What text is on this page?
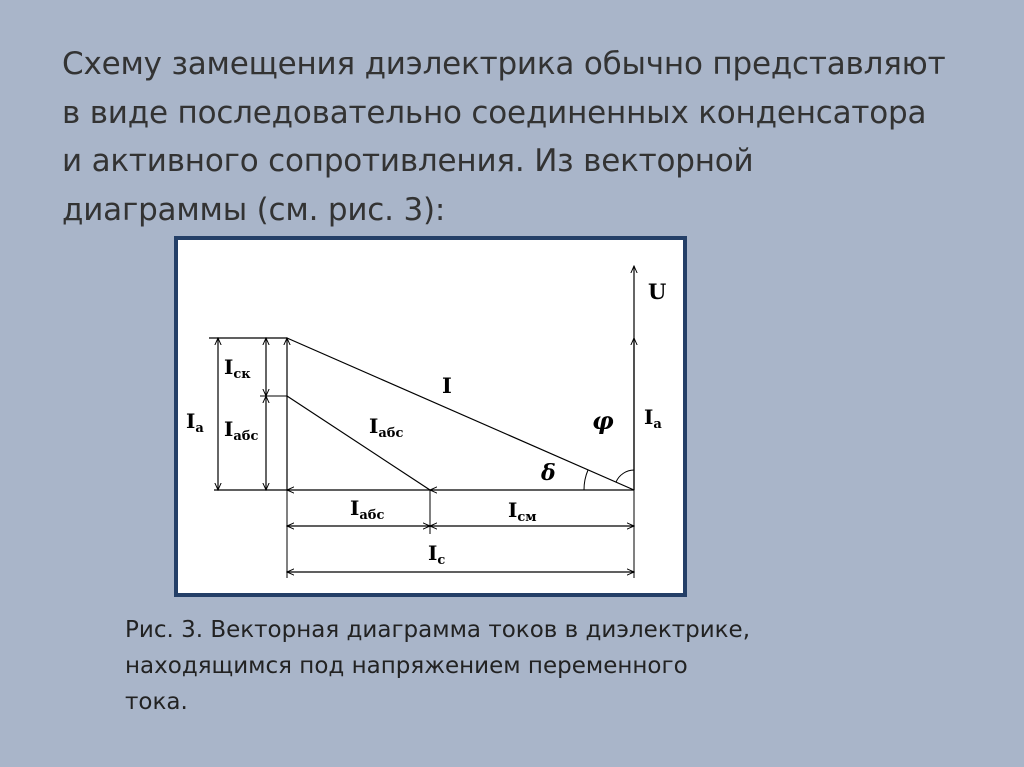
Схему замещения диэлектрика обычно представляют
в виде последовательно соединенных конденсатора
и активного сопротивления. Из векторной
диаграммы (см. рис. 3):
U
I
φ
δ
$I_a$
$I_a$
$I_{ск}$
$I_{абс}$	$I_{абс}$
$I_{абс}$	$I_{см}$
$I_с$
Рис. 3. Векторная диаграмма токов в диэлектрике,
находящимся под напряжением переменного
тока.
